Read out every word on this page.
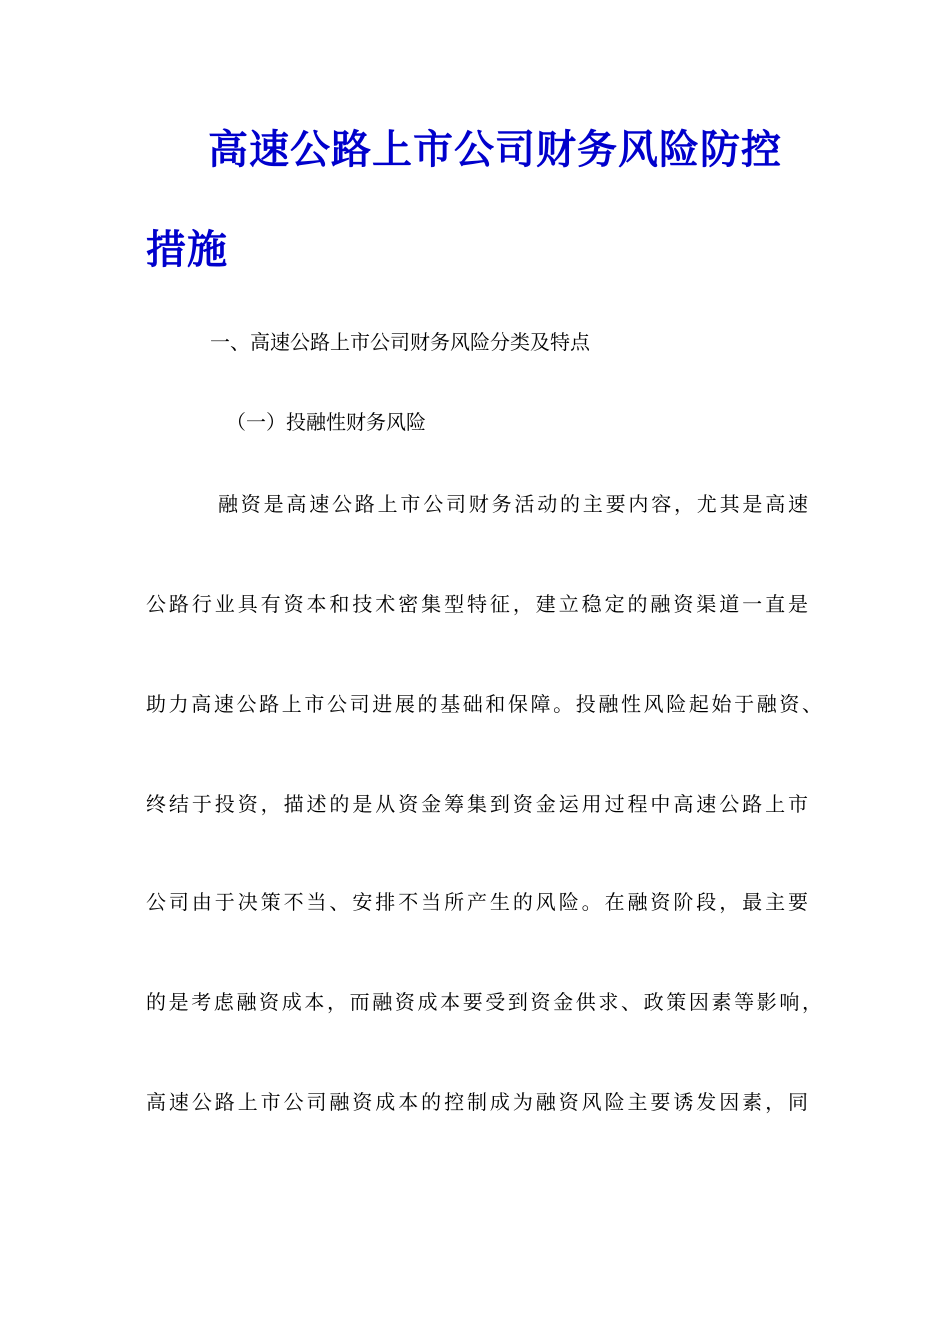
高速公路上市公司财务风险防控
措施
一、高速公路上市公司财务风险分类及特点
（一）投融性财务风险
融资是高速公路上市公司财务活动的主要内容，尤其是高速
公路行业具有资本和技术密集型特征，建立稳定的融资渠道一直是
助力高速公路上市公司进展的基础和保障。投融性风险起始于融资、
终结于投资，描述的是从资金筹集到资金运用过程中高速公路上市
公司由于决策不当、安排不当所产生的风险。在融资阶段，最主要
的是考虑融资成本，而融资成本要受到资金供求、政策因素等影响，
高速公路上市公司融资成本的控制成为融资风险主要诱发因素，同
